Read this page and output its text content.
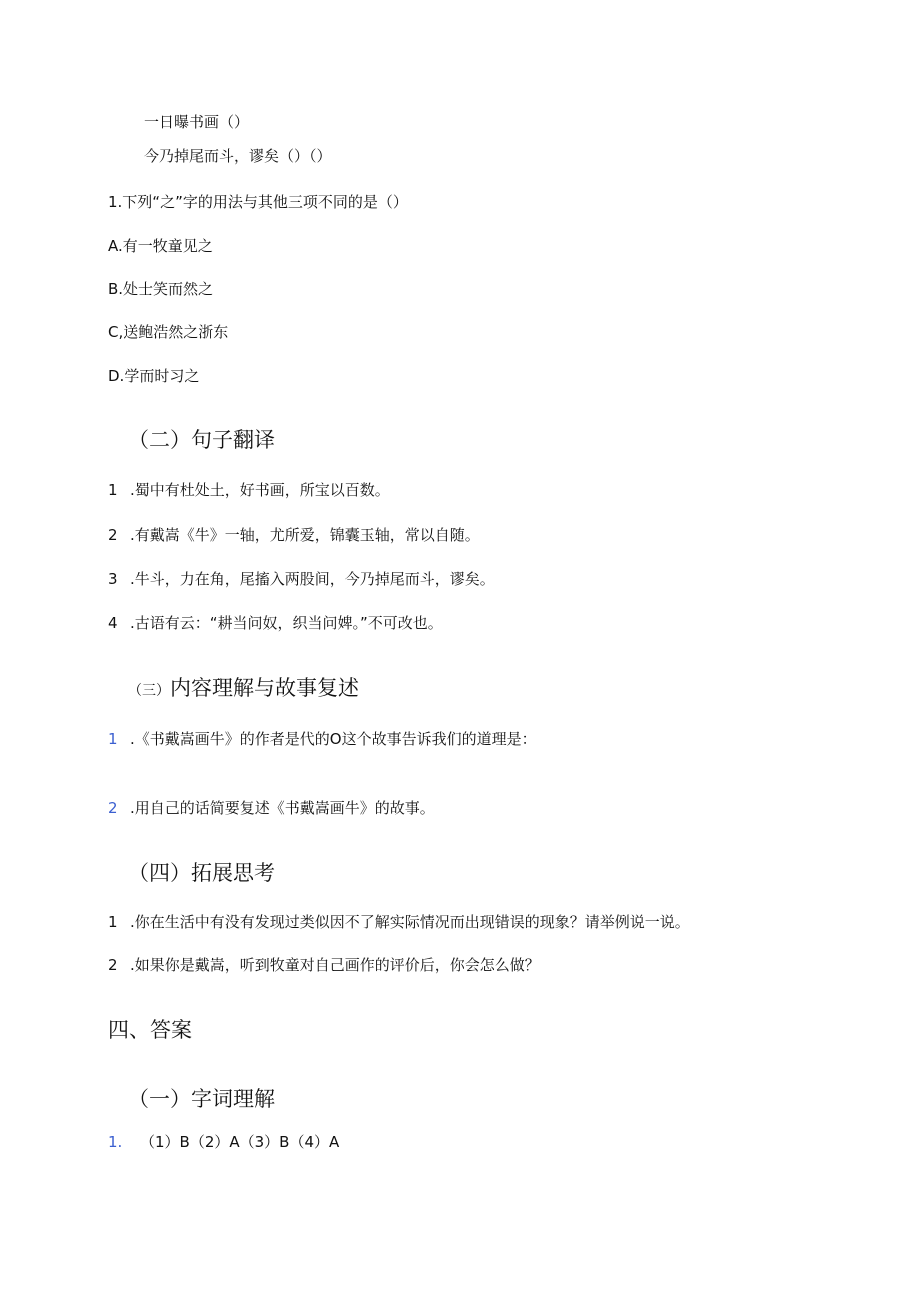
一日曝书画（）
今乃掉尾而斗，谬矣（）（）
1.下列“之”字的用法与其他三项不同的是（）
A.有一牧童见之
B.处士笑而然之
C,送鲍浩然之浙东
D.学而时习之
（二）句子翻译
1 .蜀中有杜处土，好书画，所宝以百数。
2 .有戴嵩《牛》一轴，尤所爱，锦囊玉轴，常以自随。
3 .牛斗，力在角，尾搐入两股间，今乃掉尾而斗，谬矣。
4 .古语有云：“耕当问奴，织当问婢。”不可改也。
（三）内容理解与故事复述
1 .《书戴嵩画牛》的作者是代的O这个故事告诉我们的道理是：
2 .用自己的话简要复述《书戴嵩画牛》的故事。
（四）拓展思考
1 .你在生活中有没有发现过类似因不了解实际情况而出现错误的现象？请举例说一说。
2 .如果你是戴嵩，听到牧童对自己画作的评价后，你会怎么做？
四、答案
（一）字词理解
1. （1）B（2）A（3）B（4）A
